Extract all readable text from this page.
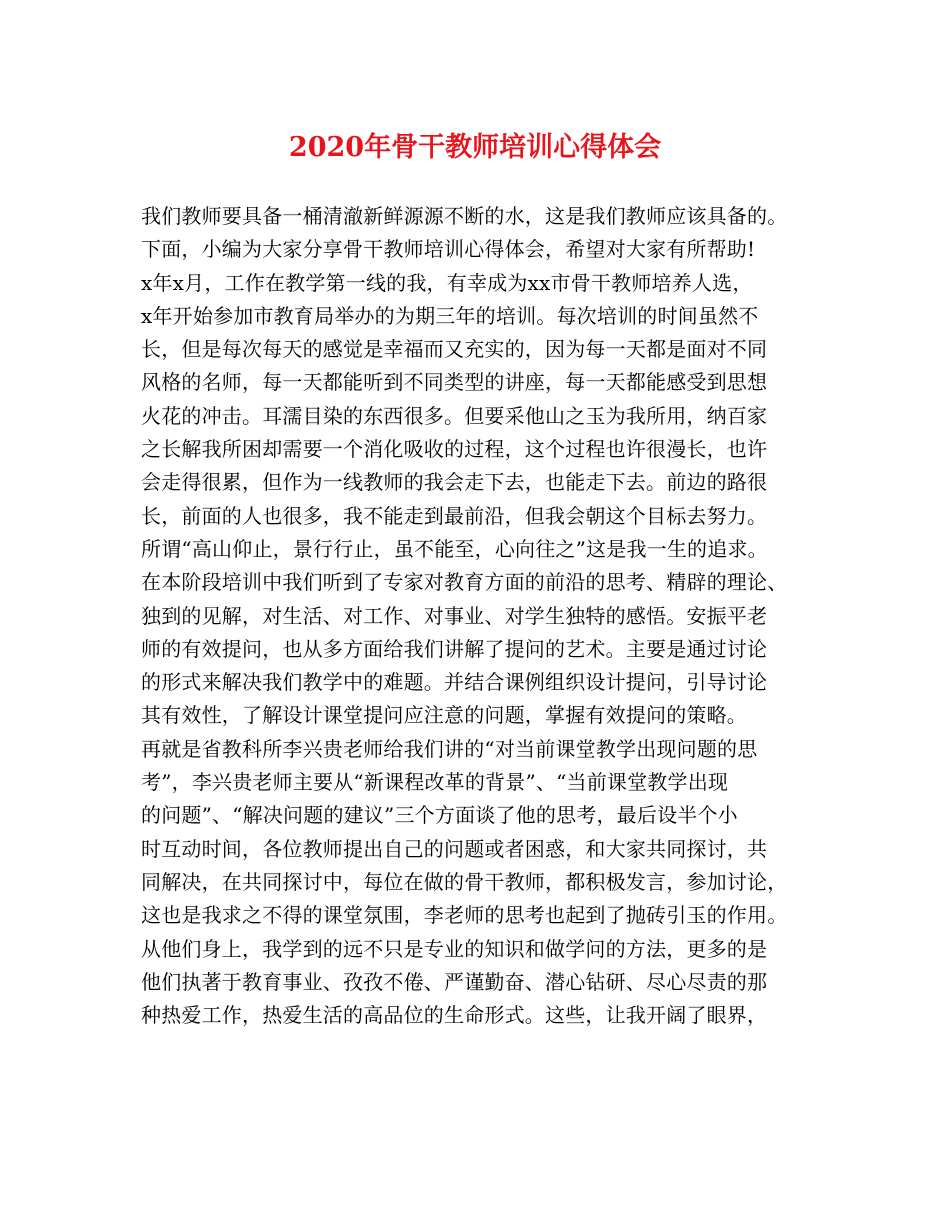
2020年骨干教师培训心得体会
我们教师要具备一桶清澈新鲜源源不断的水，这是我们教师应该具备的。
下面，小编为大家分享骨干教师培训心得体会，希望对大家有所帮助!
x年x月，工作在教学第一线的我，有幸成为xx市骨干教师培养人选，
x年开始参加市教育局举办的为期三年的培训。每次培训的时间虽然不
长，但是每次每天的感觉是幸福而又充实的，因为每一天都是面对不同
风格的名师，每一天都能听到不同类型的讲座，每一天都能感受到思想
火花的冲击。耳濡目染的东西很多。但要采他山之玉为我所用，纳百家
之长解我所困却需要一个消化吸收的过程，这个过程也许很漫长，也许
会走得很累，但作为一线教师的我会走下去，也能走下去。前边的路很
长，前面的人也很多，我不能走到最前沿，但我会朝这个目标去努力。
所谓“高山仰止，景行行止，虽不能至，心向往之”这是我一生的追求。
在本阶段培训中我们听到了专家对教育方面的前沿的思考、精辟的理论、
独到的见解，对生活、对工作、对事业、对学生独特的感悟。安振平老
师的有效提问，也从多方面给我们讲解了提问的艺术。主要是通过讨论
的形式来解决我们教学中的难题。并结合课例组织设计提问，引导讨论
其有效性，了解设计课堂提问应注意的问题，掌握有效提问的策略。
再就是省教科所李兴贵老师给我们讲的“对当前课堂教学出现问题的思
考”，李兴贵老师主要从“新课程改革的背景”、“当前课堂教学出现
的问题”、“解决问题的建议”三个方面谈了他的思考，最后设半个小
时互动时间，各位教师提出自己的问题或者困惑，和大家共同探讨，共
同解决，在共同探讨中，每位在做的骨干教师，都积极发言，参加讨论，
这也是我求之不得的课堂氛围，李老师的思考也起到了抛砖引玉的作用。
从他们身上，我学到的远不只是专业的知识和做学问的方法，更多的是
他们执著于教育事业、孜孜不倦、严谨勤奋、潜心钻研、尽心尽责的那
种热爱工作，热爱生活的高品位的生命形式。这些，让我开阔了眼界，
